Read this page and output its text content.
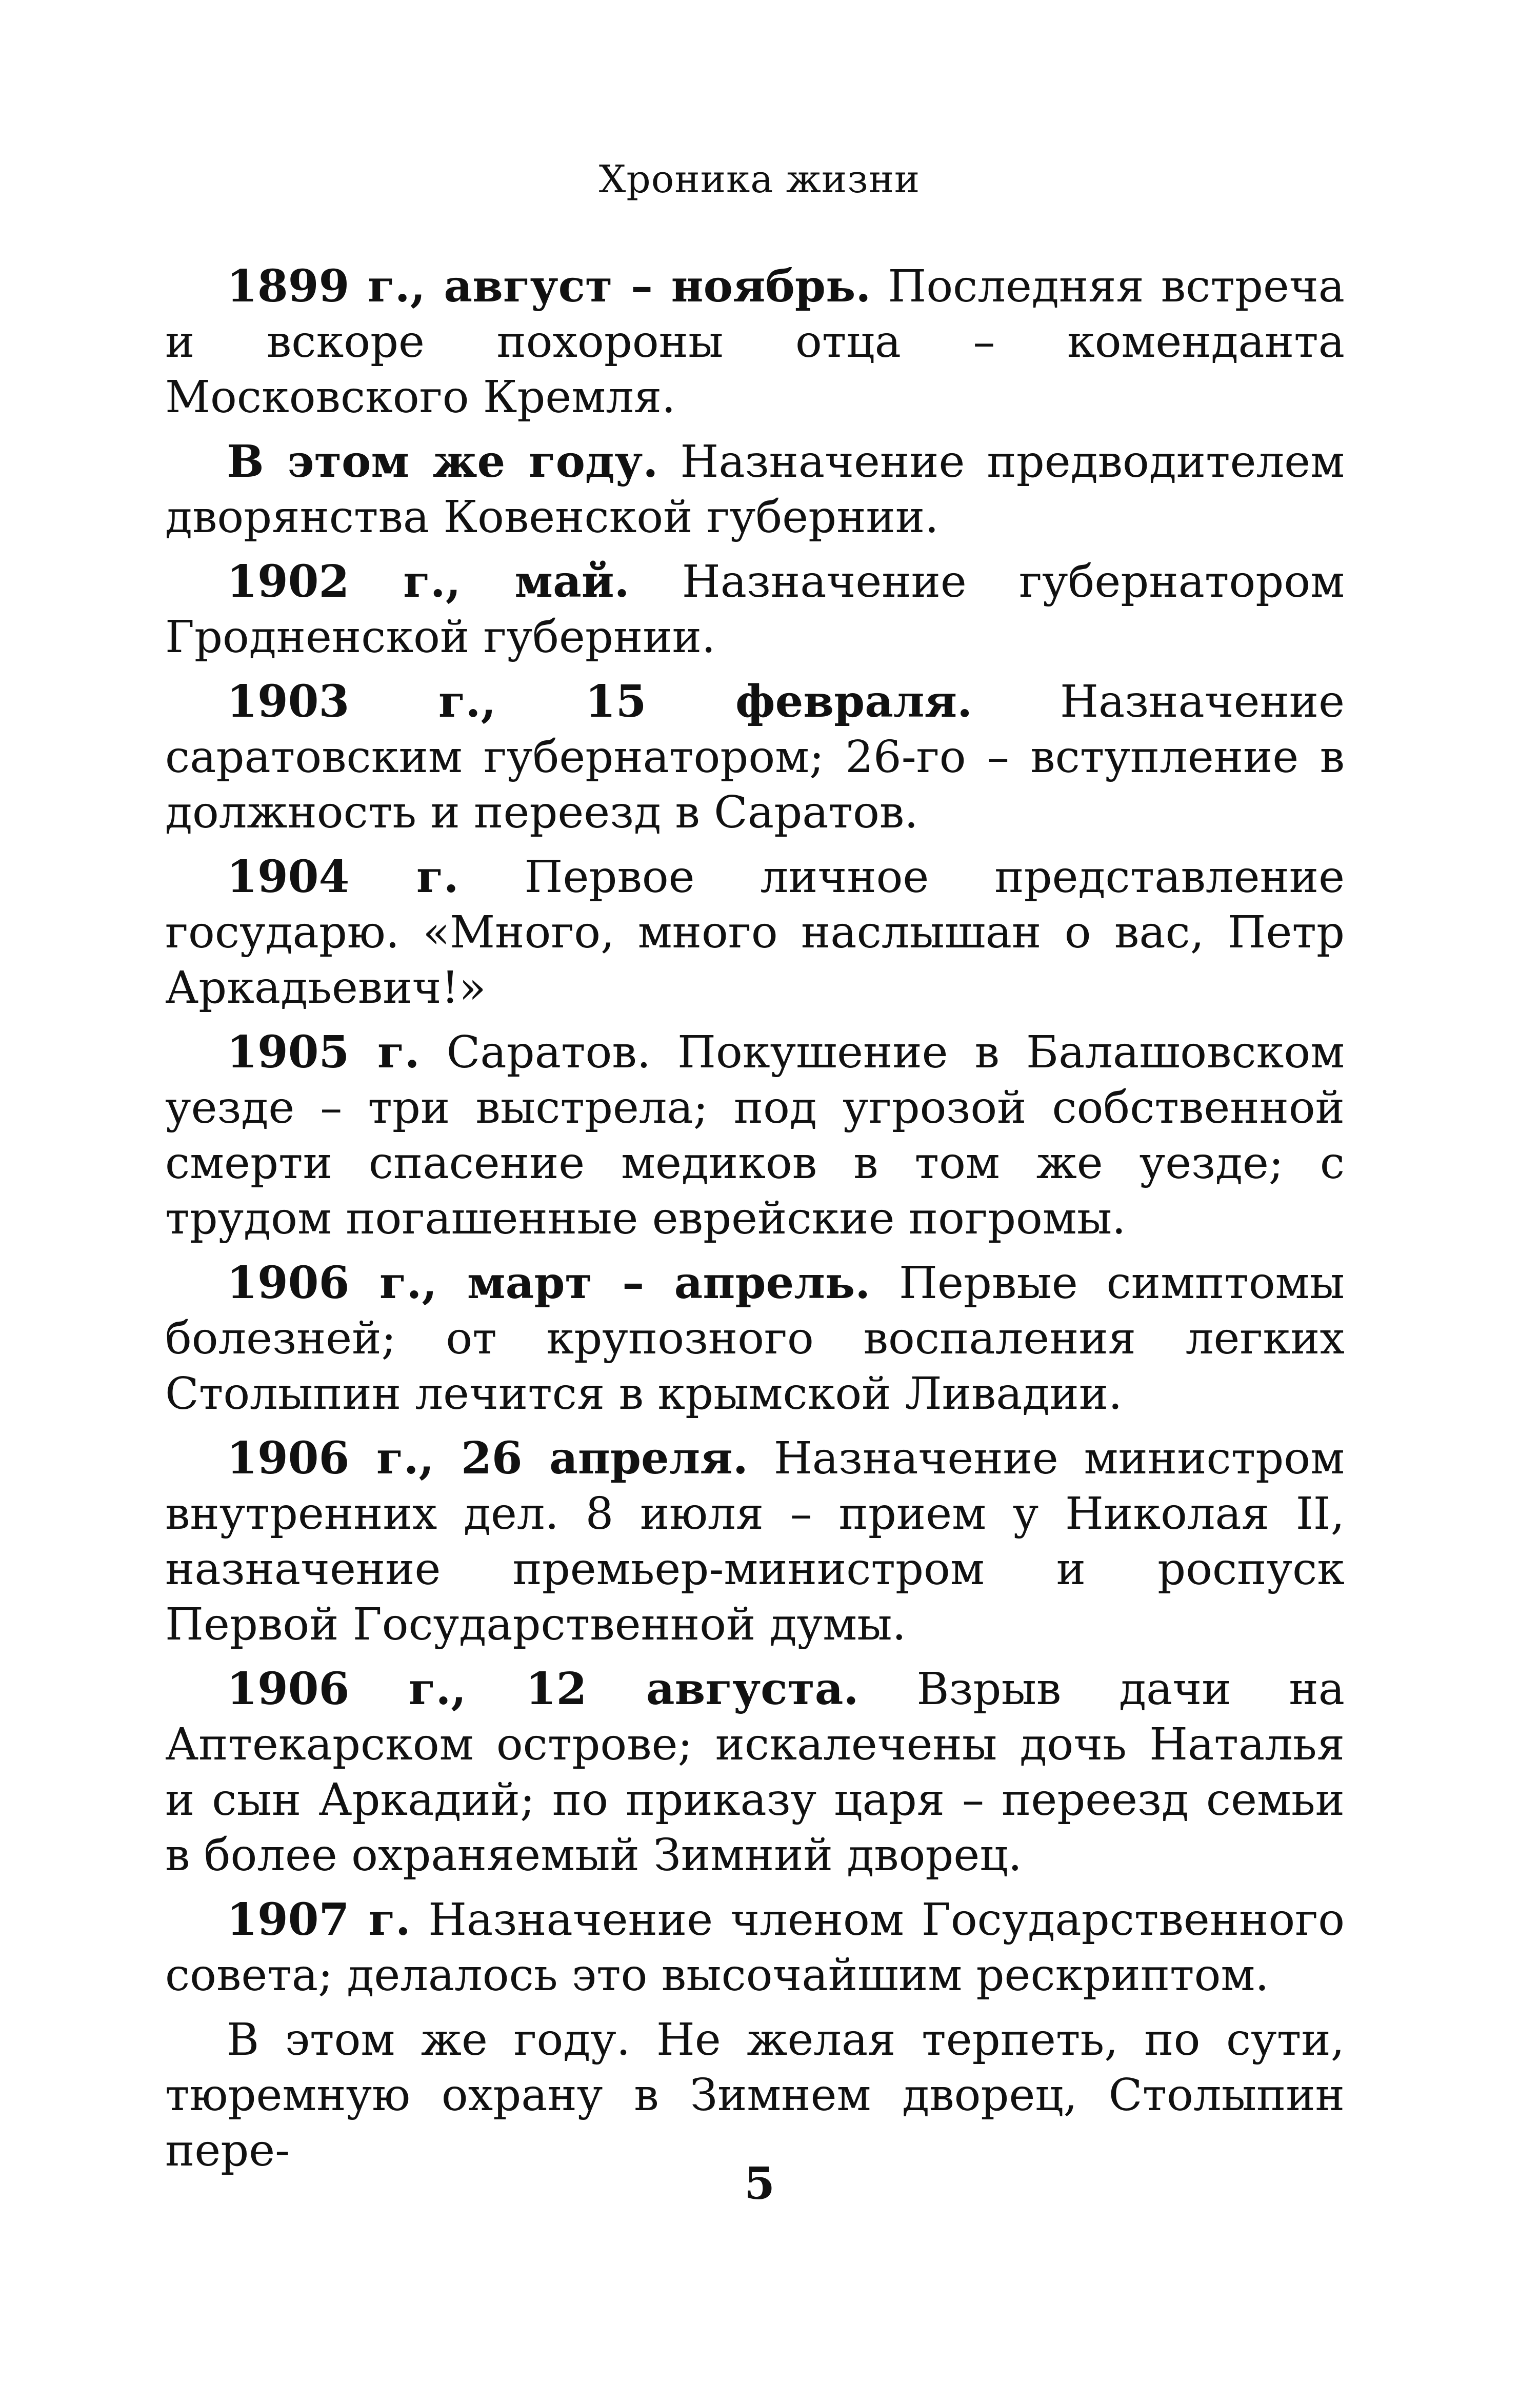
Хроника жизни

1899 г., август – ноябрь. Последняя встреча и вскоре похороны отца – коменданта Московского Кремля.

В этом же году. Назначение предводителем дворянства Ковенской губернии.

1902 г., май. Назначение губернатором Гродненской губернии.

1903 г., 15 февраля. Назначение саратовским губернатором; 26-го – вступление в должность и переезд в Саратов.

1904 г. Первое личное представление государю. «Много, много наслышан о вас, Петр Аркадьевич!»

1905 г. Саратов. Покушение в Балашовском уезде – три выстрела; под угрозой собственной смерти спасение медиков в том же уезде; с трудом погашенные еврейские погромы.

1906 г., март – апрель. Первые симптомы болезней; от крупозного воспаления легких Столыпин лечится в крымской Ливадии.

1906 г., 26 апреля. Назначение министром внутренних дел. 8 июля – прием у Николая II, назначение премьер-министром и роспуск Первой Государственной думы.

1906 г., 12 августа. Взрыв дачи на Аптекарском острове; искалечены дочь Наталья и сын Аркадий; по приказу царя – переезд семьи в более охраняемый Зимний дворец.

1907 г. Назначение членом Государственного совета; делалось это высочайшим рескриптом.

В этом же году. Не желая терпеть, по сути, тюремную охрану в Зимнем дворец, Столыпин пере-

5
